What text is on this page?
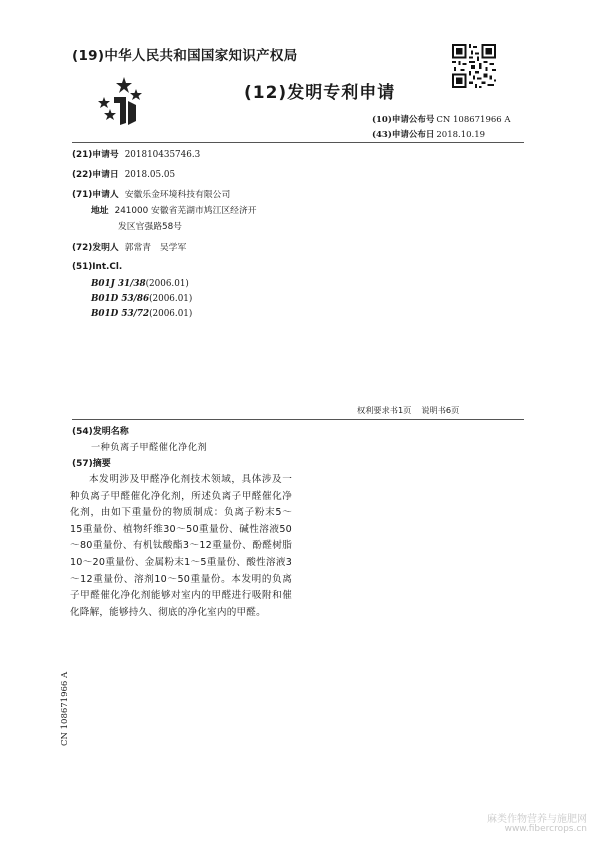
(19)中华人民共和国国家知识产权局
(12)发明专利申请
(10)申请公布号 CN 108671966 A
(43)申请公布日 2018.10.19
(21)申请号 201810435746.3
(22)申请日 2018.05.05
(71)申请人 安徽乐金环境科技有限公司
地址 241000 安徽省芜湖市鸠江区经济开
发区官强路58号
(72)发明人 郭常青　吴学军
(51)Int.Cl.
B01J 31/38(2006.01)
B01D 53/86(2006.01)
B01D 53/72(2006.01)
权利要求书1页 说明书6页
(54)发明名称
一种负离子甲醛催化净化剂
(57)摘要
本发明涉及甲醛净化剂技术领域，具体涉及一种负离子甲醛催化净化剂，所述负离子甲醛催化净化剂，由如下重量份的物质制成：负离子粉末5～15重量份、植物纤维30～50重量份、碱性溶液50～80重量份、有机钛酸酯3～12重量份、酚醛树脂10～20重量份、金属粉末1～5重量份、酸性溶液3～12重量份、溶剂10～50重量份。本发明的负离子甲醛催化净化剂能够对室内的甲醛进行吸附和催化降解，能够持久、彻底的净化室内的甲醛。
CN 108671966 A
麻类作物营养与施肥网
www.fibercrops.cn
